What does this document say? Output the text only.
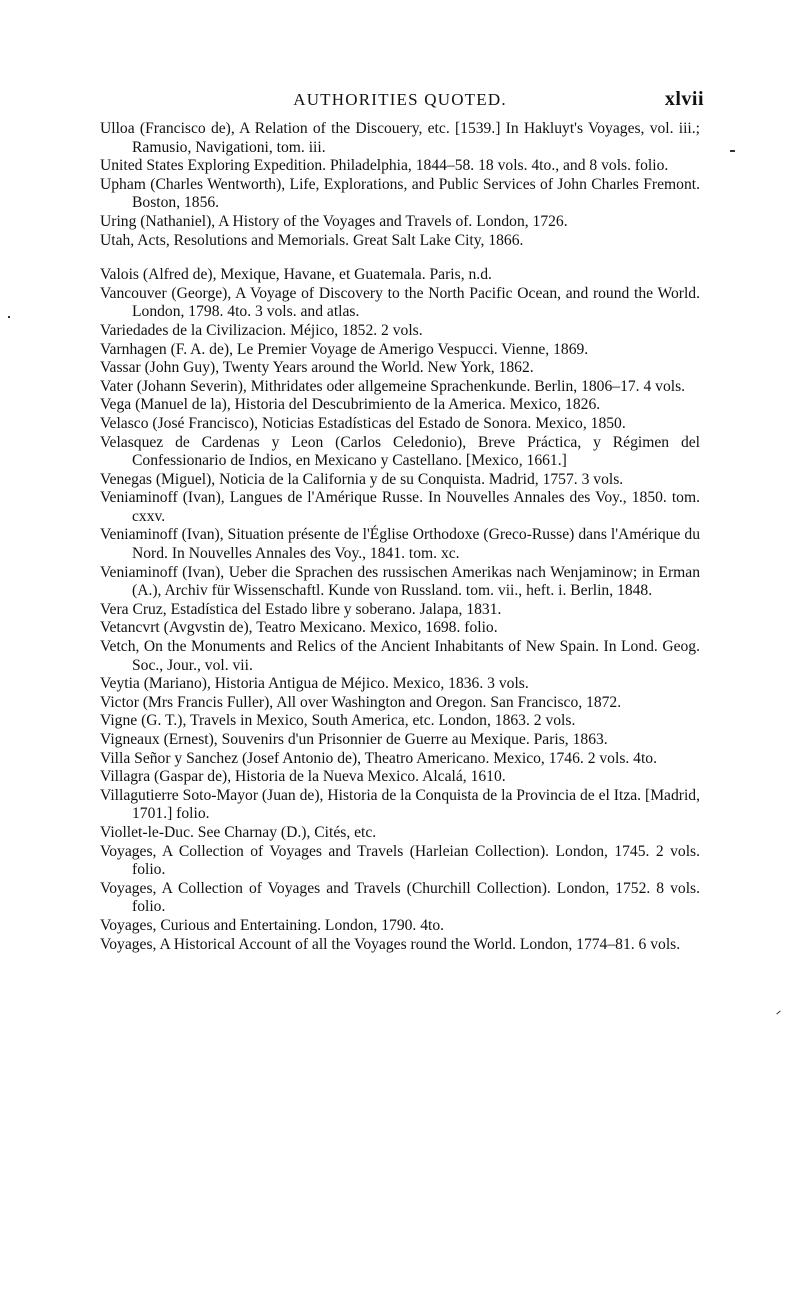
AUTHORITIES QUOTED.	xlvii

Ulloa (Francisco de), A Relation of the Discouery, etc. [1539.] In Hakluyt's Voyages, vol. iii.; Ramusio, Navigationi, tom. iii.

United States Exploring Expedition. Philadelphia, 1844–58. 18 vols. 4to., and 8 vols. folio.

Upham (Charles Wentworth), Life, Explorations, and Public Services of John Charles Fremont. Boston, 1856.

Uring (Nathaniel), A History of the Voyages and Travels of. London, 1726.

Utah, Acts, Resolutions and Memorials. Great Salt Lake City, 1866.

Valois (Alfred de), Mexique, Havane, et Guatemala. Paris, n.d.

Vancouver (George), A Voyage of Discovery to the North Pacific Ocean, and round the World. London, 1798. 4to. 3 vols. and atlas.

Variedades de la Civilizacion. Méjico, 1852. 2 vols.

Varnhagen (F. A. de), Le Premier Voyage de Amerigo Vespucci. Vienne, 1869.

Vassar (John Guy), Twenty Years around the World. New York, 1862.

Vater (Johann Severin), Mithridates oder allgemeine Sprachenkunde. Berlin, 1806–17. 4 vols.

Vega (Manuel de la), Historia del Descubrimiento de la America. Mexico, 1826.

Velasco (José Francisco), Noticias Estadísticas del Estado de Sonora. Mexico, 1850.

Velasquez de Cardenas y Leon (Carlos Celedonio), Breve Práctica, y Régimen del Confessionario de Indios, en Mexicano y Castellano. [Mexico, 1661.]

Venegas (Miguel), Noticia de la California y de su Conquista. Madrid, 1757. 3 vols.

Veniaminoff (Ivan), Langues de l'Amérique Russe. In Nouvelles Annales des Voy., 1850. tom. cxxv.

Veniaminoff (Ivan), Situation présente de l'Église Orthodoxe (Greco-Russe) dans l'Amérique du Nord. In Nouvelles Annales des Voy., 1841. tom. xc.

Veniaminoff (Ivan), Ueber die Sprachen des russischen Amerikas nach Wenjaminow; in Erman (A.), Archiv für Wissenschaftl. Kunde von Russland. tom. vii., heft. i. Berlin, 1848.

Vera Cruz, Estadística del Estado libre y soberano. Jalapa, 1831.

Vetancvrt (Avgvstin de), Teatro Mexicano. Mexico, 1698. folio.

Vetch, On the Monuments and Relics of the Ancient Inhabitants of New Spain. In Lond. Geog. Soc., Jour., vol. vii.

Veytia (Mariano), Historia Antigua de Méjico. Mexico, 1836. 3 vols.

Victor (Mrs Francis Fuller), All over Washington and Oregon. San Francisco, 1872.

Vigne (G. T.), Travels in Mexico, South America, etc. London, 1863. 2 vols.

Vigneaux (Ernest), Souvenirs d'un Prisonnier de Guerre au Mexique. Paris, 1863.

Villa Señor y Sanchez (Josef Antonio de), Theatro Americano. Mexico, 1746. 2 vols. 4to.

Villagra (Gaspar de), Historia de la Nueva Mexico. Alcalá, 1610.

Villagutierre Soto-Mayor (Juan de), Historia de la Conquista de la Provincia de el Itza. [Madrid, 1701.] folio.

Viollet-le-Duc. See Charnay (D.), Cités, etc.

Voyages, A Collection of Voyages and Travels (Harleian Collection). London, 1745. 2 vols. folio.

Voyages, A Collection of Voyages and Travels (Churchill Collection). London, 1752. 8 vols. folio.

Voyages, Curious and Entertaining. London, 1790. 4to.

Voyages, A Historical Account of all the Voyages round the World. London, 1774–81. 6 vols.
